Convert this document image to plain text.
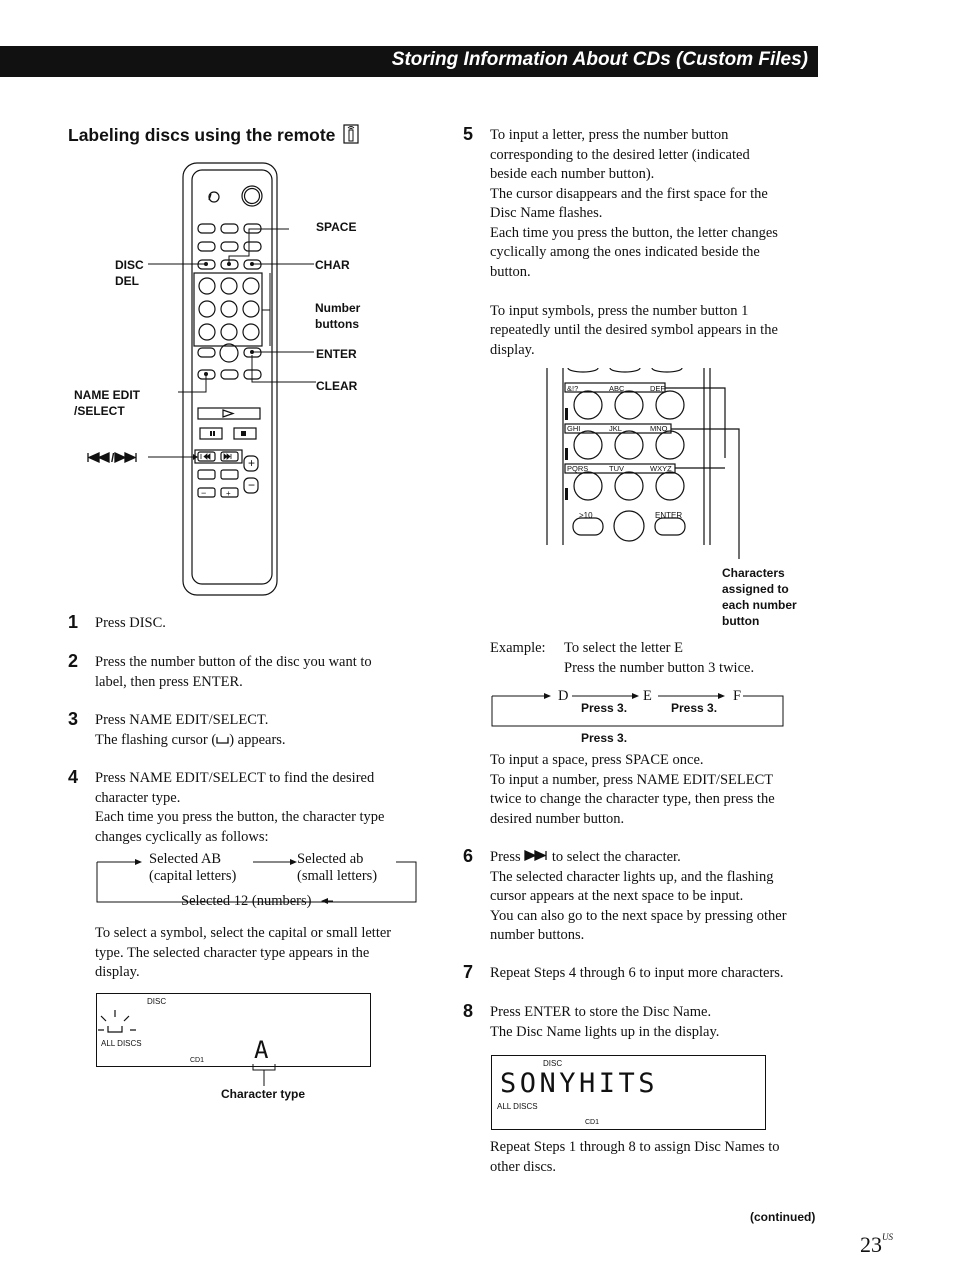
Storing Information About CDs (Custom Files)
Labeling discs using the remote
+
−
− +
SPACE
CHAR
DISC
DEL
Number
buttons
ENTER
CLEAR
NAME EDIT
/SELECT
/
1 Press DISC.

2 Press the number button of the disc you want to

label, then press ENTER.

3 Press NAME EDIT/SELECT.

The flashing cursor ( ) appears.

4 Press NAME EDIT/SELECT to find the desired

character type.

Each time you press the button, the character type

changes cyclically as follows:

Selected AB

(capital letters)

Selected ab

(small letters)

Selected 12 (numbers)

To select a symbol, select the capital or small letter

type. The selected character type appears in the

display.

DISC
ALL DISCS
CD1 A
Character type
5 To input a letter, press the number button

corresponding to the desired letter (indicated

beside each number button).

The cursor disappears and the first space for the

Disc Name flashes.

Each time you press the button, the letter changes

cyclically among the ones indicated beside the

button.

To input symbols, press the number button 1

repeatedly until the desired symbol appears in the

display.

&!?	ABC	DEF
GHI	JKL	MNO
PQRS	TUV	WXYZ
>10	ENTER

Characters

assigned to

each number

button

Example: To select the letter E

Press the number button 3 twice.

D	E	F
Press 3.	Press 3.
Press 3.

To input a space, press SPACE once.

To input a number, press NAME EDIT/SELECT

twice to change the character type, then press the

desired number button.

6 Press to select the character.

The selected character lights up, and the flashing

cursor appears at the next space to be input.

You can also go to the next space by pressing other

number buttons.

7 Repeat Steps 4 through 6 to input more characters.

8 Press ENTER to store the Disc Name.

The Disc Name lights up in the display.

DISC
SONYHITS
ALL DISCS
CD1

Repeat Steps 1 through 8 to assign Disc Names to

other discs.

(continued)
$23^{US}$
